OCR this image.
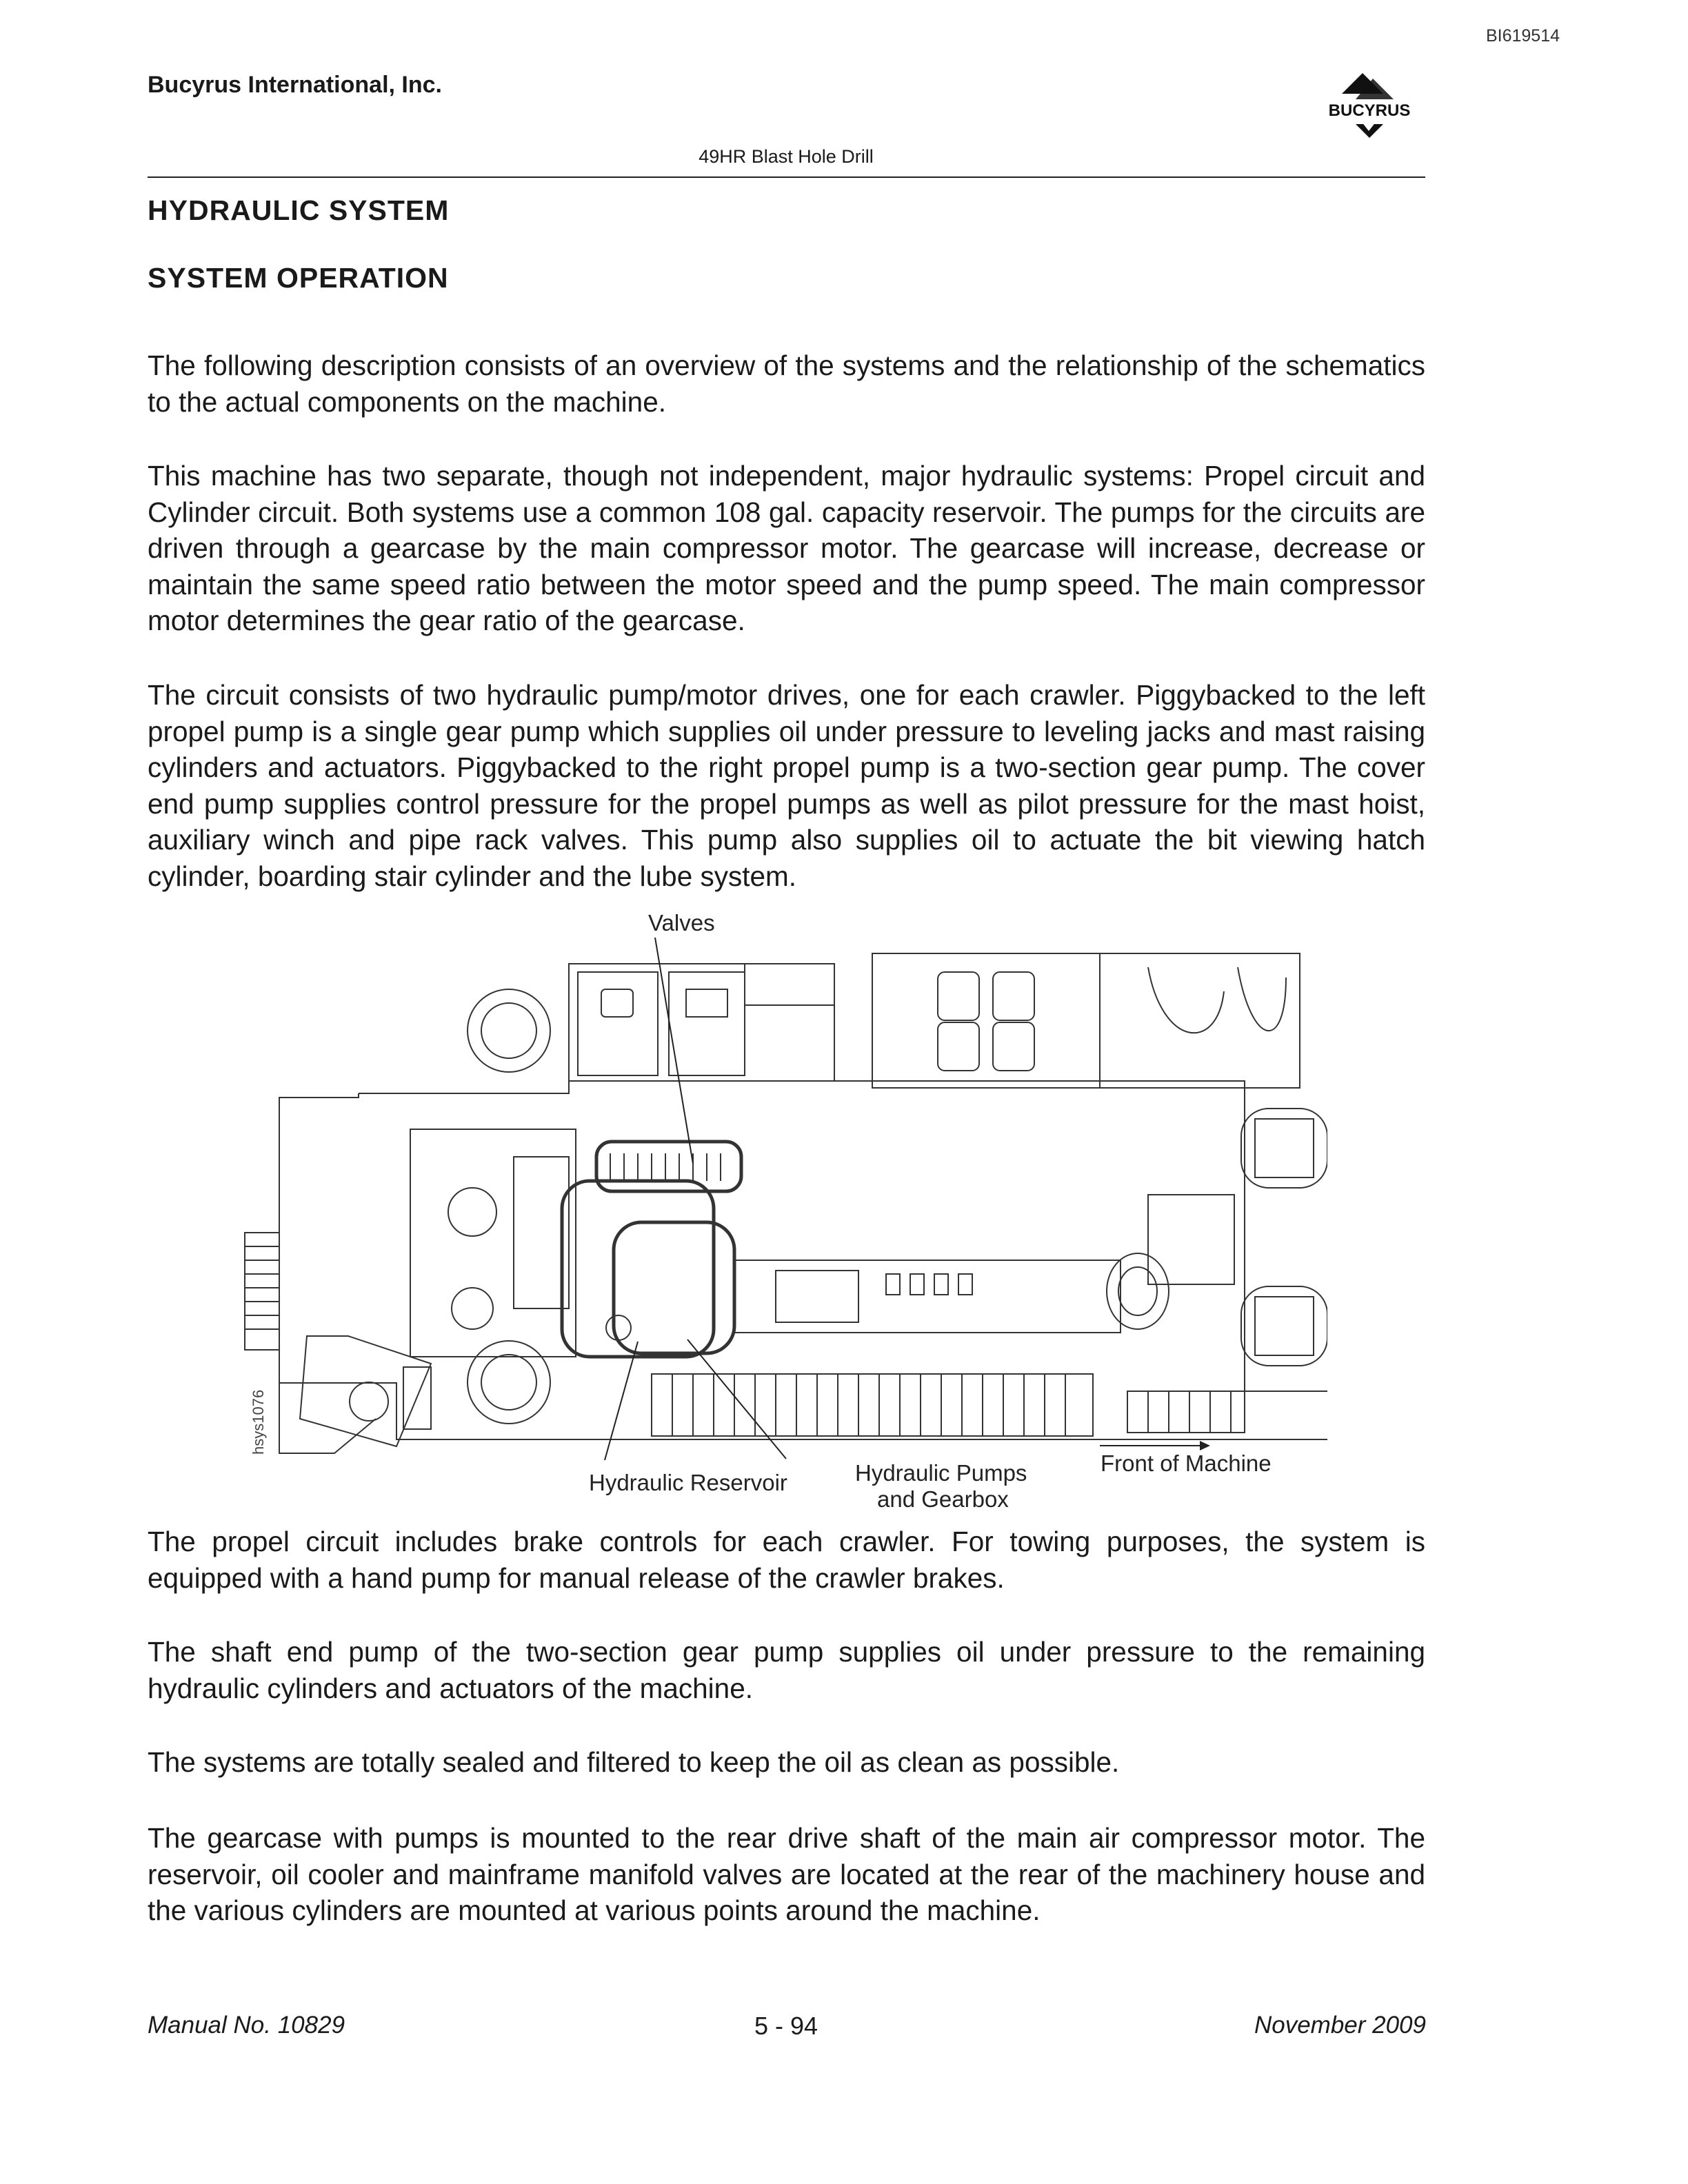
BI619514
Bucyrus International, Inc.
BUCYRUS
49HR Blast Hole Drill
HYDRAULIC SYSTEM
SYSTEM OPERATION

The following description consists of an overview of the systems and the relationship of the schematics to the actual components on the machine.

This machine has two separate, though not independent, major hydraulic systems: Propel circuit and Cylinder circuit. Both systems use a common 108 gal. capacity reservoir. The pumps for the circuits are driven through a gearcase by the main compressor motor. The gearcase will increase, decrease or maintain the same speed ratio between the motor speed and the pump speed. The main compressor motor determines the gear ratio of the gearcase.

The circuit consists of two hydraulic pump/motor drives, one for each crawler. Piggybacked to the left propel pump is a single gear pump which supplies oil under pressure to leveling jacks and mast raising cylinders and actuators. Piggybacked to the right propel pump is a two-section gear pump. The cover end pump supplies control pressure for the propel pumps as well as pilot pressure for the mast hoist, auxiliary winch and pipe rack valves. This pump also supplies oil to actuate the bit viewing hatch cylinder, boarding stair cylinder and the lube system.

Valves
Hydraulic Reservoir	Hydraulic Pumps
and Gearbox
Front of Machine
hsys1076

The propel circuit includes brake controls for each crawler. For towing purposes, the system is equipped with a hand pump for manual release of the crawler brakes.

The shaft end pump of the two-section gear pump supplies oil under pressure to the remaining hydraulic cylinders and actuators of the machine.

The systems are totally sealed and filtered to keep the oil as clean as possible.

The gearcase with pumps is mounted to the rear drive shaft of the main air compressor motor. The reservoir, oil cooler and mainframe manifold valves are located at the rear of the machinery house and the various cylinders are mounted at various points around the machine.

Manual No. 10829	5 - 94	November 2009
